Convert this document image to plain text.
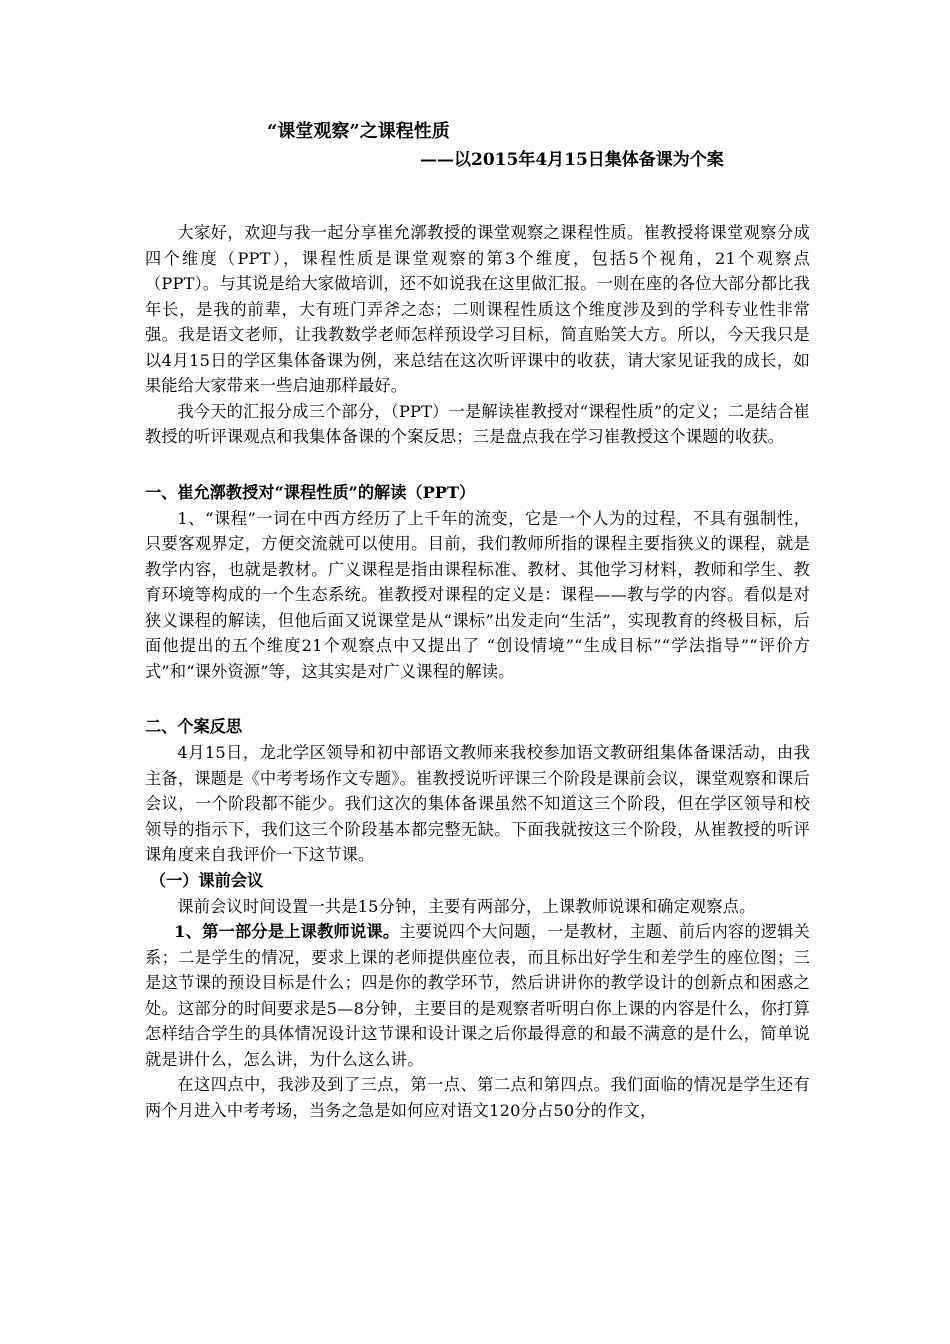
“课堂观察”之课程性质
——以2015年4月15日集体备课为个案

大家好，欢迎与我一起分享崔允漷教授的课堂观察之课程性质。崔教授将课堂观察分成四个维度（PPT），课程性质是课堂观察的第3个维度，包括5个视角，21个观察点（PPT）。与其说是给大家做培训，还不如说我在这里做汇报。一则在座的各位大部分都比我年长，是我的前辈，大有班门弄斧之态；二则课程性质这个维度涉及到的学科专业性非常强。我是语文老师，让我教数学老师怎样预设学习目标，简直贻笑大方。所以，今天我只是以4月15日的学区集体备课为例，来总结在这次听评课中的收获，请大家见证我的成长，如果能给大家带来一些启迪那样最好。

我今天的汇报分成三个部分，（PPT）一是解读崔教授对“课程性质”的定义；二是结合崔教授的听评课观点和我集体备课的个案反思；三是盘点我在学习崔教授这个课题的收获。

一、崔允漷教授对“课程性质”的解读（PPT）

1、“课程”一词在中西方经历了上千年的流变，它是一个人为的过程，不具有强制性，只要客观界定，方便交流就可以使用。目前，我们教师所指的课程主要指狭义的课程，就是教学内容，也就是教材。广义课程是指由课程标准、教材、其他学习材料，教师和学生、教育环境等构成的一个生态系统。崔教授对课程的定义是：课程——教与学的内容。看似是对狭义课程的解读，但他后面又说课堂是从“课标”出发走向“生活”，实现教育的终极目标，后面他提出的五个维度21个观察点中又提出了 “创设情境”“生成目标”“学法指导”“评价方式”和“课外资源”等，这其实是对广义课程的解读。

二、个案反思

4月15日，龙北学区领导和初中部语文教师来我校参加语文教研组集体备课活动，由我主备，课题是《中考考场作文专题》。崔教授说听评课三个阶段是课前会议，课堂观察和课后会议，一个阶段都不能少。我们这次的集体备课虽然不知道这三个阶段，但在学区领导和校领导的指示下，我们这三个阶段基本都完整无缺。下面我就按这三个阶段，从崔教授的听评课角度来自我评价一下这节课。

（一）课前会议

课前会议时间设置一共是15分钟，主要有两部分，上课教师说课和确定观察点。

1、第一部分是上课教师说课。主要说四个大问题，一是教材，主题、前后内容的逻辑关系；二是学生的情况，要求上课的老师提供座位表，而且标出好学生和差学生的座位图；三是这节课的预设目标是什么；四是你的教学环节，然后讲讲你的教学设计的创新点和困惑之处。这部分的时间要求是5—8分钟，主要目的是观察者听明白你上课的内容是什么，你打算怎样结合学生的具体情况设计这节课和设计课之后你最得意的和最不满意的是什么，简单说就是讲什么，怎么讲，为什么这么讲。

在这四点中，我涉及到了三点，第一点、第二点和第四点。我们面临的情况是学生还有两个月进入中考考场，当务之急是如何应对语文120分占50分的作文，
